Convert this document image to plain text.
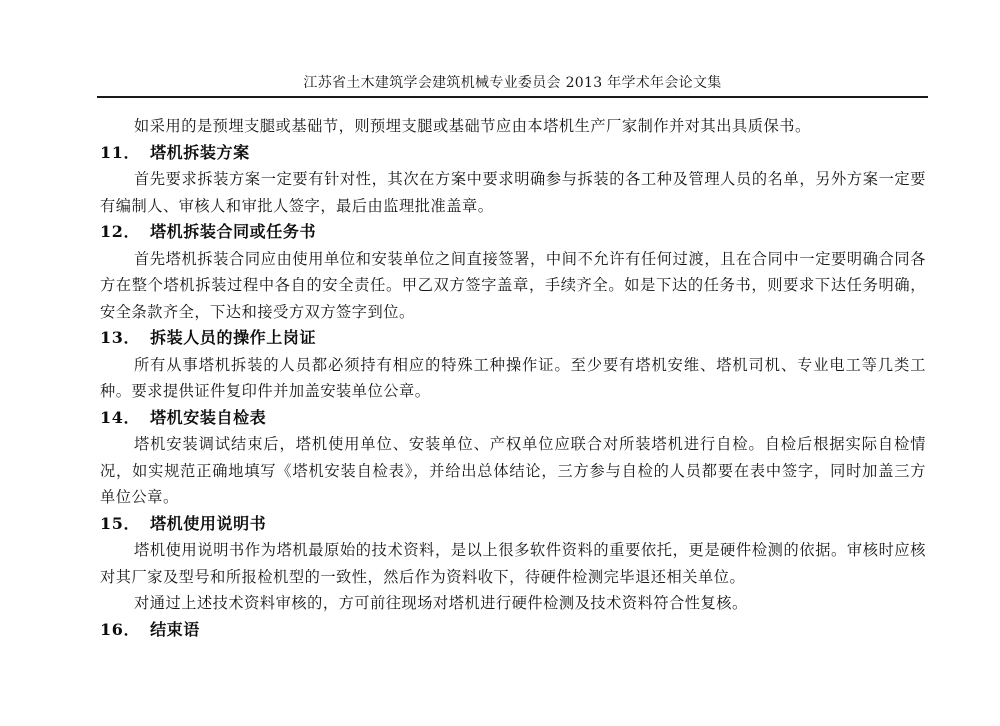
江苏省土木建筑学会建筑机械专业委员会 2013 年学术年会论文集

如采用的是预埋支腿或基础节，则预埋支腿或基础节应由本塔机生产厂家制作并对其出具质保书。

11． 塔机拆装方案

首先要求拆装方案一定要有针对性，其次在方案中要求明确参与拆装的各工种及管理人员的名单，另外方案一定要有编制人、审核人和审批人签字，最后由监理批准盖章。

12． 塔机拆装合同或任务书

首先塔机拆装合同应由使用单位和安装单位之间直接签署，中间不允许有任何过渡，且在合同中一定要明确合同各方在整个塔机拆装过程中各自的安全责任。甲乙双方签字盖章，手续齐全。如是下达的任务书，则要求下达任务明确，安全条款齐全，下达和接受方双方签字到位。

13． 拆装人员的操作上岗证

所有从事塔机拆装的人员都必须持有相应的特殊工种操作证。至少要有塔机安维、塔机司机、专业电工等几类工种。要求提供证件复印件并加盖安装单位公章。

14． 塔机安装自检表

塔机安装调试结束后，塔机使用单位、安装单位、产权单位应联合对所装塔机进行自检。自检后根据实际自检情况，如实规范正确地填写《塔机安装自检表》，并给出总体结论，三方参与自检的人员都要在表中签字，同时加盖三方单位公章。

15． 塔机使用说明书

塔机使用说明书作为塔机最原始的技术资料，是以上很多软件资料的重要依托，更是硬件检测的依据。审核时应核对其厂家及型号和所报检机型的一致性，然后作为资料收下，待硬件检测完毕退还相关单位。

对通过上述技术资料审核的，方可前往现场对塔机进行硬件检测及技术资料符合性复核。

16． 结束语
